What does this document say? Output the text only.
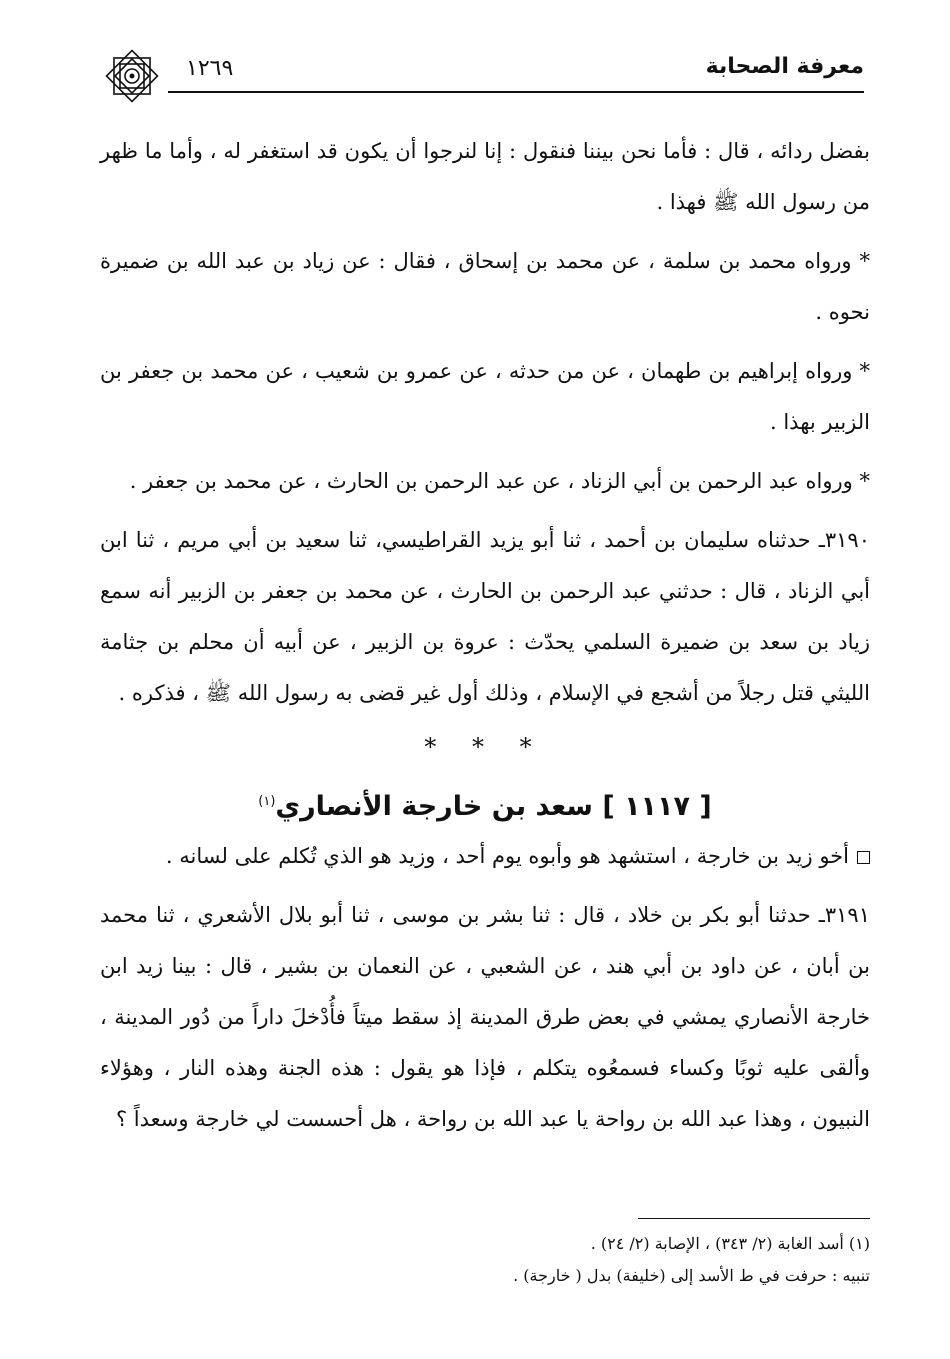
معرفة الصحابة
١٢٦٩

بفضل ردائه ، قال : فأما نحن بيننا فنقول : إنا لنرجوا أن يكون قد استغفر له ، وأما ما ظهر من رسول الله ﷺ فهذا .

* ورواه محمد بن سلمة ، عن محمد بن إسحاق ، فقال : عن زياد بن عبد الله بن ضميرة نحوه .

* ورواه إبراهيم بن طهمان ، عن من حدثه ، عن عمرو بن شعيب ، عن محمد بن جعفر بن الزبير بهذا .

* ورواه عبد الرحمن بن أبي الزناد ، عن عبد الرحمن بن الحارث ، عن محمد بن جعفر .

٣١٩٠ـ حدثناه سليمان بن أحمد ، ثنا أبو يزيد القراطيسي، ثنا سعيد بن أبي مريم ، ثنا ابن أبي الزناد ، قال : حدثني عبد الرحمن بن الحارث ، عن محمد بن جعفر بن الزبير أنه سمع زياد بن سعد بن ضميرة السلمي يحدّث : عروة بن الزبير ، عن أبيه أن محلم بن جثامة الليثي قتل رجلاً من أشجع في الإسلام ، وذلك أول غير قضى به رسول الله ﷺ ، فذكره .

* * *
[ ١١١٧ ] سعد بن خارجة الأنصاري$^{(١)}$

أخو زيد بن خارجة ، استشهد هو وأبوه يوم أحد ، وزيد هو الذي تُكلم على لسانه .

٣١٩١ـ حدثنا أبو بكر بن خلاد ، قال : ثنا بشر بن موسى ، ثنا أبو بلال الأشعري ، ثنا محمد بن أبان ، عن داود بن أبي هند ، عن الشعبي ، عن النعمان بن بشير ، قال : بينا زيد ابن خارجة الأنصاري يمشي في بعض طرق المدينة إذ سقط ميتاً فأُدْخلَ داراً من دُور المدينة ، وألقى عليه ثوبًا وكساء فسمعُوه يتكلم ، فإذا هو يقول : هذه الجنة وهذه النار ، وهؤلاء النبيون ، وهذا عبد الله بن رواحة يا عبد الله بن رواحة ، هل أحسست لي خارجة وسعداً ؟

(١) أسد الغابة (٢/ ٣٤٣) ، الإصابة (٢/ ٢٤) .

تنبيه : حرفت في ط الأسد إلى (خليفة) بدل ( خارجة) .
